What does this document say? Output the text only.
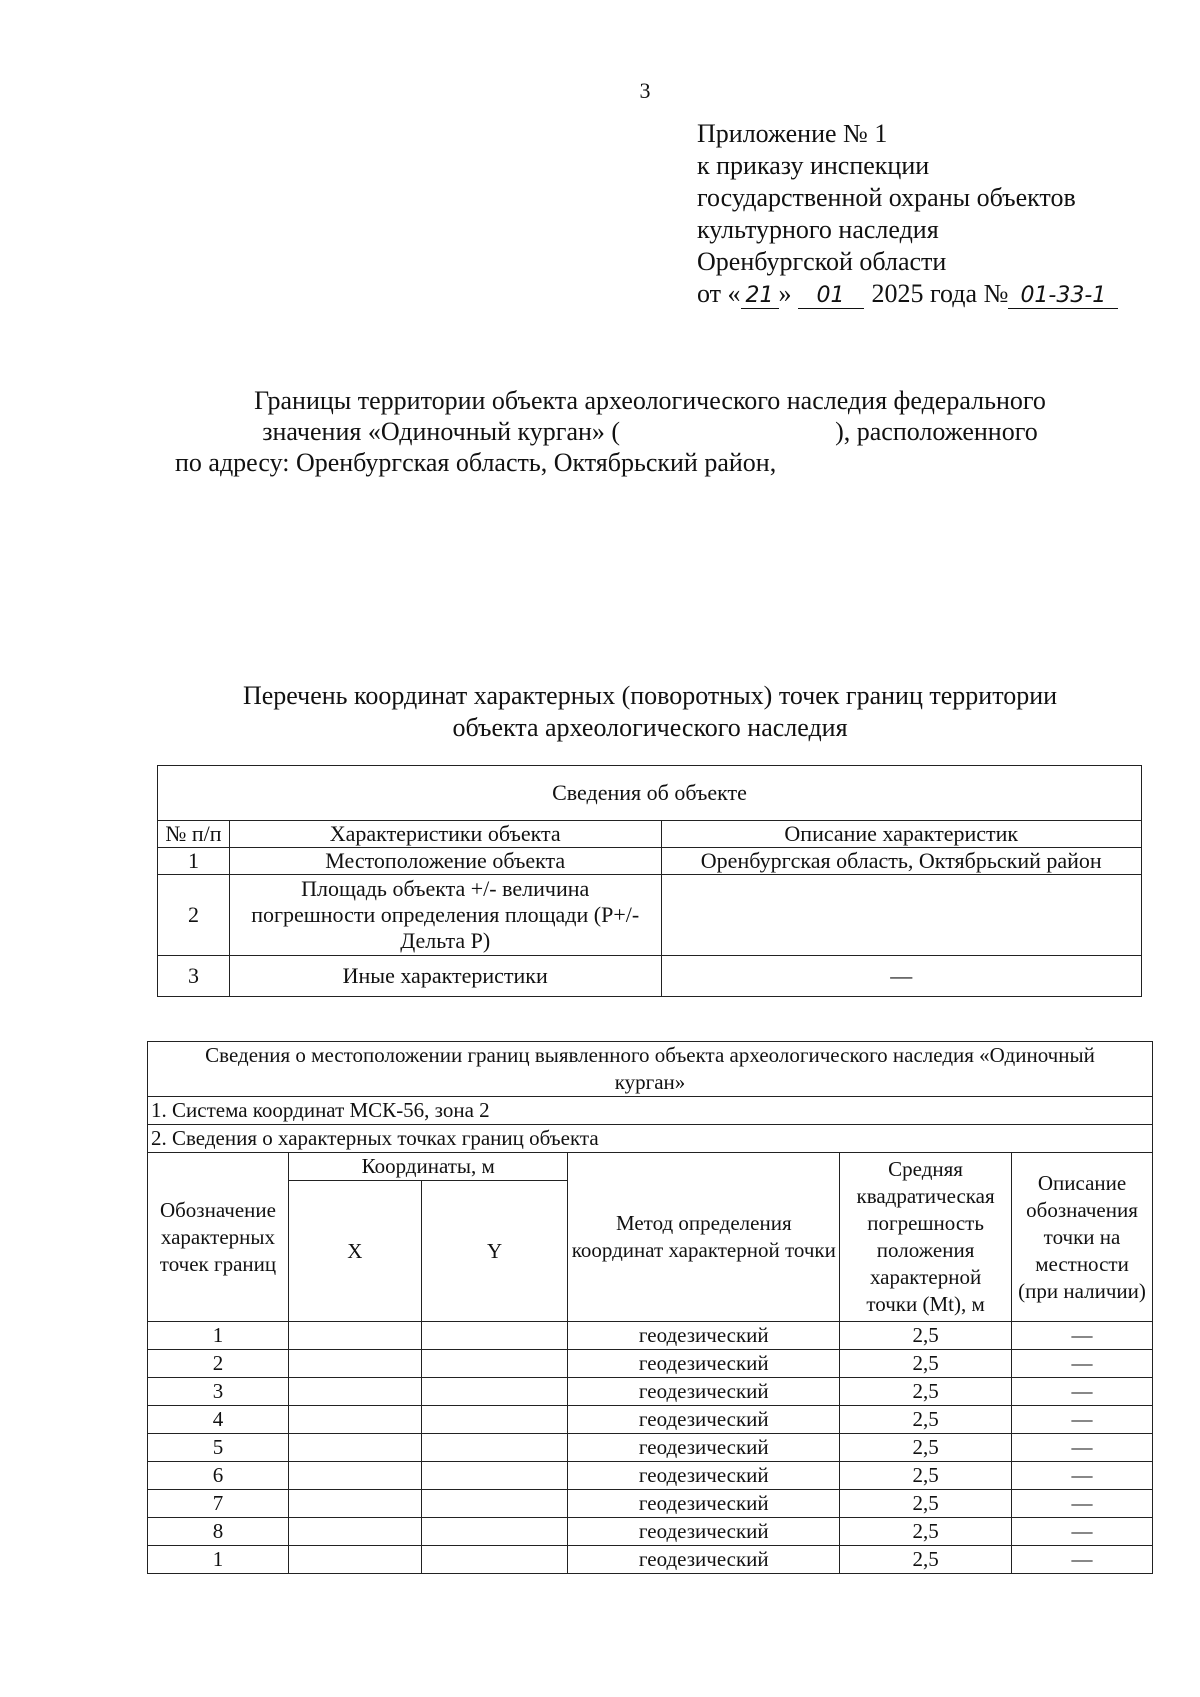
3
Приложение № 1
к приказу инспекции
государственной охраны объектов
культурного наследия
Оренбургской области
от « 21 » 01 2025 года № 01-33-1
Границы территории объекта археологического наследия федерального
значения «Одиночный курган» (	), расположенного
по адресу: Оренбургская область, Октябрьский район,
Перечень координат характерных (поворотных) точек границ территории
объекта археологического наследия
Сведения об объекте		
№ п/п	Характеристики объекта	Описание характеристик
1	Местоположение объекта	Оренбургская область, Октябрьский район
2	Площадь объекта +/- величина погрешности определения площади (Р+/- Дельта Р)	
3	Иные характеристики	—
Сведения о местоположении границ выявленного объекта археологического наследия «Одиночный курган»					
1. Система координат МСК-56, зона 2					
2. Сведения о характерных точках границ объекта					
Обозначение характерных точек границ	Координаты, м		Метод определения координат характерной точки	Средняя квадратическая погрешность положения характерной точки (Mt), м	Описание обозначения точки на местности (при наличии)
	X	Y			
1			геодезический	2,5	—
2			геодезический	2,5	—
3			геодезический	2,5	—
4			геодезический	2,5	—
5			геодезический	2,5	—
6			геодезический	2,5	—
7			геодезический	2,5	—
8			геодезический	2,5	—
1			геодезический	2,5	—
